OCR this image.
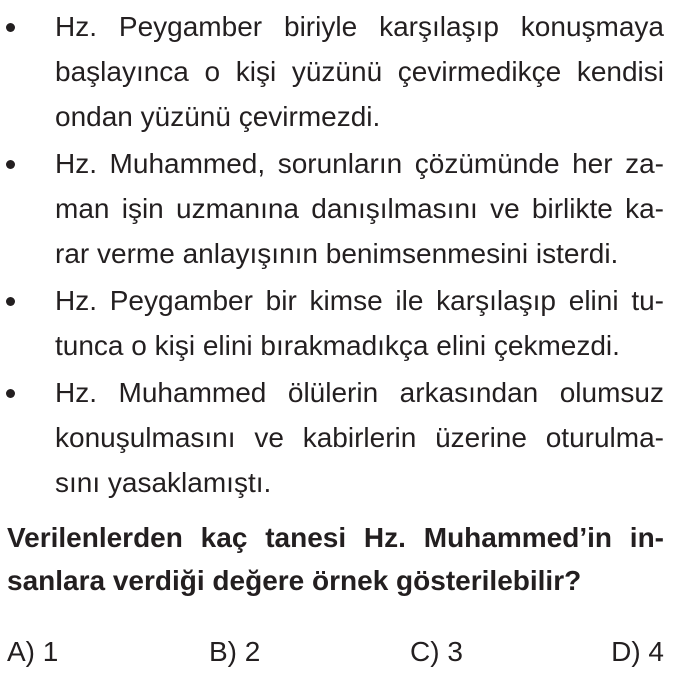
Hz. Peygamber biriyle karşılaşıp konuşmaya
başlayınca o kişi yüzünü çevirmedikçe kendisi
ondan yüzünü çevirmezdi.
Hz. Muhammed, sorunların çözümünde her za-
man işin uzmanına danışılmasını ve birlikte ka-
rar verme anlayışının benimsenmesini isterdi.
Hz. Peygamber bir kimse ile karşılaşıp elini tu-
tunca o kişi elini bırakmadıkça elini çekmezdi.
Hz. Muhammed ölülerin arkasından olumsuz
konuşulmasını ve kabirlerin üzerine oturulma-
sını yasaklamıştı.
Verilenlerden kaç tanesi Hz. Muhammed’in in-
sanlara verdiği değere örnek gösterilebilir?
A) 1	B) 2	C) 3	D) 4
